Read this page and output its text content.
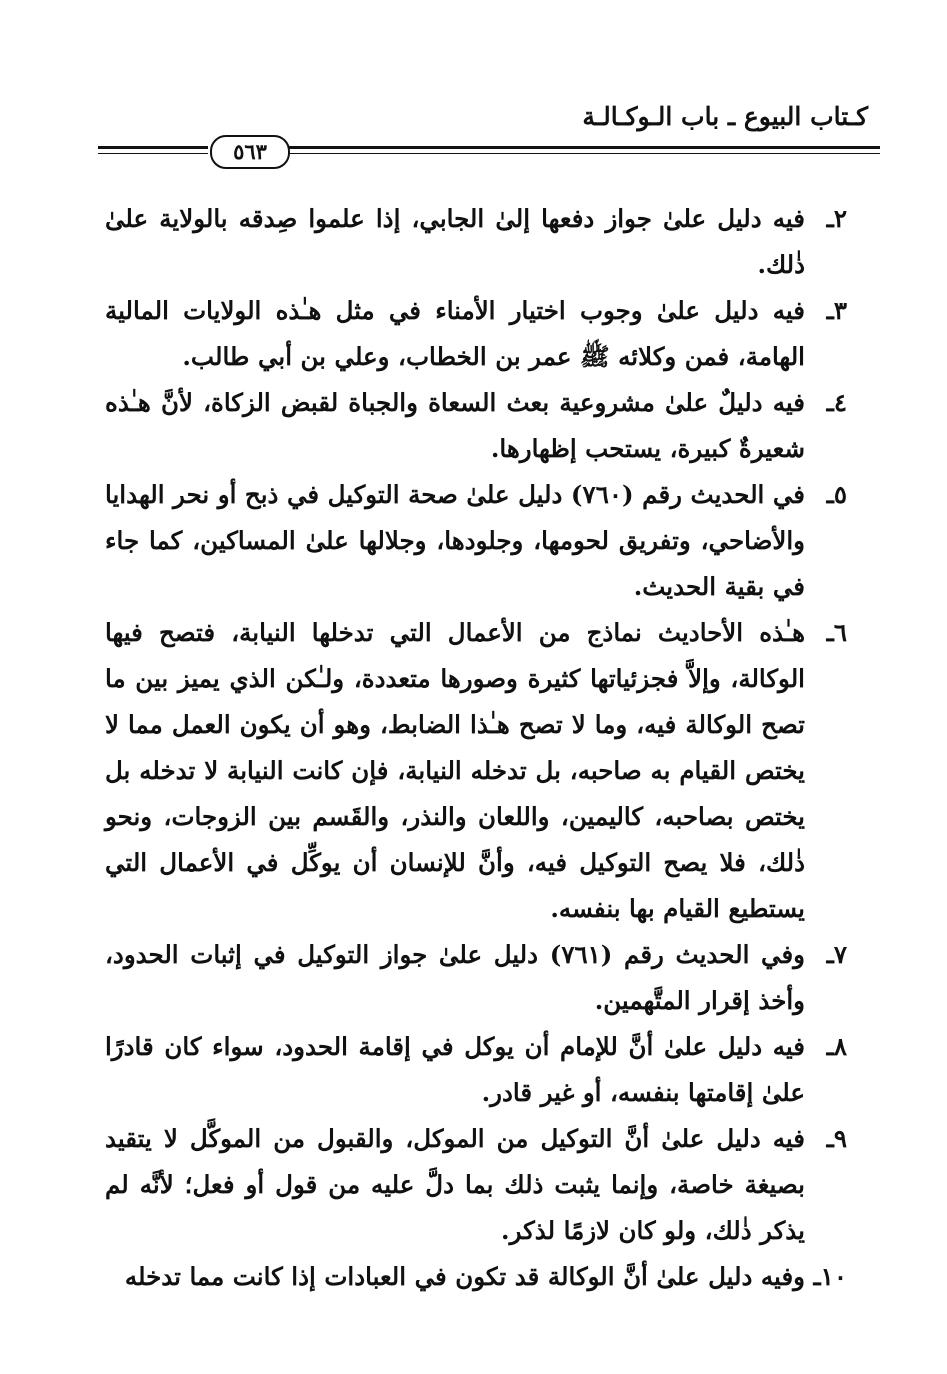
كـتاب البيوع ـ باب الـوكـالـة
٥٦٣

٢ـ
فيه دليل علىٰ جواز دفعها إلىٰ الجابي، إذا علموا صِدقه بالولاية علىٰ ذٰلك.

٣ـ
فيه دليل علىٰ وجوب اختيار الأمناء في مثل هـٰذه الولايات المالية الهامة، فمن وكلائه ﷺ عمر بن الخطاب، وعلي بن أبي طالب.

٤ـ
فيه دليلٌ علىٰ مشروعية بعث السعاة والجباة لقبض الزكاة، لأنَّ هـٰذه شعيرةٌ كبيرة، يستحب إظهارها.

٥ـ
في الحديث رقم (٧٦٠) دليل علىٰ صحة التوكيل في ذبح أو نحر الهدايا والأضاحي، وتفريق لحومها، وجلودها، وجلالها علىٰ المساكين، كما جاء في بقية الحديث.

٦ـ
هـٰذه الأحاديث نماذج من الأعمال التي تدخلها النيابة، فتصح فيها الوكالة، وإلاَّ فجزئياتها كثيرة وصورها متعددة، ولـٰكن الذي يميز بين ما تصح الوكالة فيه، وما لا تصح هـٰذا الضابط، وهو أن يكون العمل مما لا يختص القيام به صاحبه، بل تدخله النيابة، فإن كانت النيابة لا تدخله بل يختص بصاحبه، كاليمين، واللعان والنذر، والقَسم بين الزوجات، ونحو ذٰلك، فلا يصح التوكيل فيه، وأنَّ للإنسان أن يوكِّل في الأعمال التي يستطيع القيام بها بنفسه.

٧ـ
وفي الحديث رقم (٧٦١) دليل علىٰ جواز التوكيل في إثبات الحدود، وأخذ إقرار المتَّهمين.

٨ـ
فيه دليل علىٰ أنَّ للإمام أن يوكل في إقامة الحدود، سواء كان قادرًا علىٰ إقامتها بنفسه، أو غير قادر.

٩ـ
فيه دليل علىٰ أنَّ التوكيل من الموكل، والقبول من الموكَّل لا يتقيد بصيغة خاصة، وإنما يثبت ذلك بما دلَّ عليه من قول أو فعل؛ لأنَّه لم يذكر ذٰلك، ولو كان لازمًا لذكر.

١٠ـ
وفيه دليل علىٰ أنَّ الوكالة قد تكون في العبادات إذا كانت مما تدخله
